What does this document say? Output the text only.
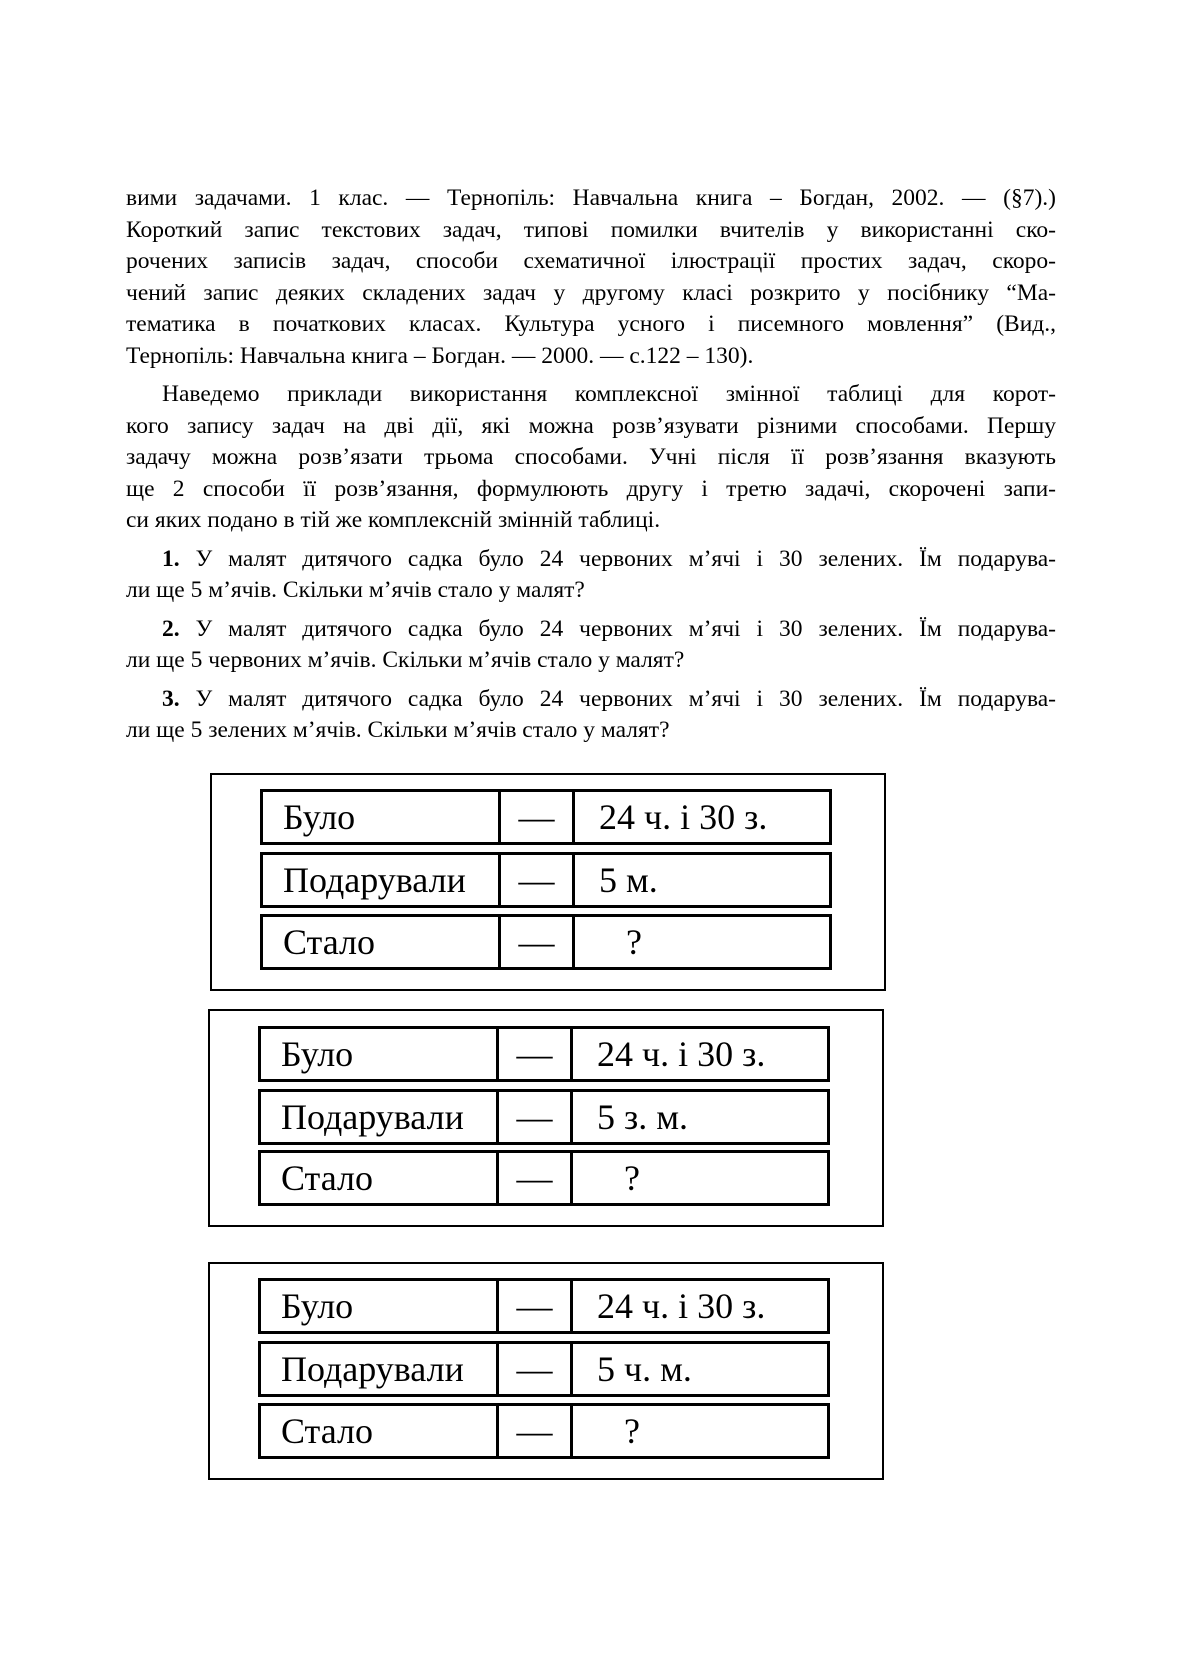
вими задачами. 1 клас. — Тернопіль: Навчальна книга – Богдан, 2002. — (§7).)
Короткий запис текстових задач, типові помилки вчителів у використанні ско-
рочених записів задач, способи схематичної ілюстрації простих задач, скоро-
чений запис деяких складених задач у другому класі розкрито у посібнику “Ма-
тематика в початкових класах. Культура усного і писемного мовлення” (Вид.,
Тернопіль: Навчальна книга – Богдан. — 2000. — с.122 – 130).
Наведемо приклади використання комплексної змінної таблиці для корот-
кого запису задач на дві дії, які можна розв’язувати різними способами. Першу
задачу можна розв’язати трьома способами. Учні після її розв’язання вказують
ще 2 способи її розв’язання, формулюють другу і третю задачі, скорочені запи-
си яких подано в тій же комплексній змінній таблиці.
1. У малят дитячого садка було 24 червоних м’ячі і 30 зелених. Їм подарува-
ли ще 5 м’ячів. Скільки м’ячів стало у малят?
2. У малят дитячого садка було 24 червоних м’ячі і 30 зелених. Їм подарува-
ли ще 5 червоних м’ячів. Скільки м’ячів стало у малят?
3. У малят дитячого садка було 24 червоних м’ячі і 30 зелених. Їм подарува-
ли ще 5 зелених м’ячів. Скільки м’ячів стало у малят?
Було	—	24 ч. і 30 з.
Подарували	—	5 м.
Стало	—	?
Було	—	24 ч. і 30 з.
Подарували	—	5 з. м.
Стало	—	?
Було	—	24 ч. і 30 з.
Подарували	—	5 ч. м.
Стало	—	?
